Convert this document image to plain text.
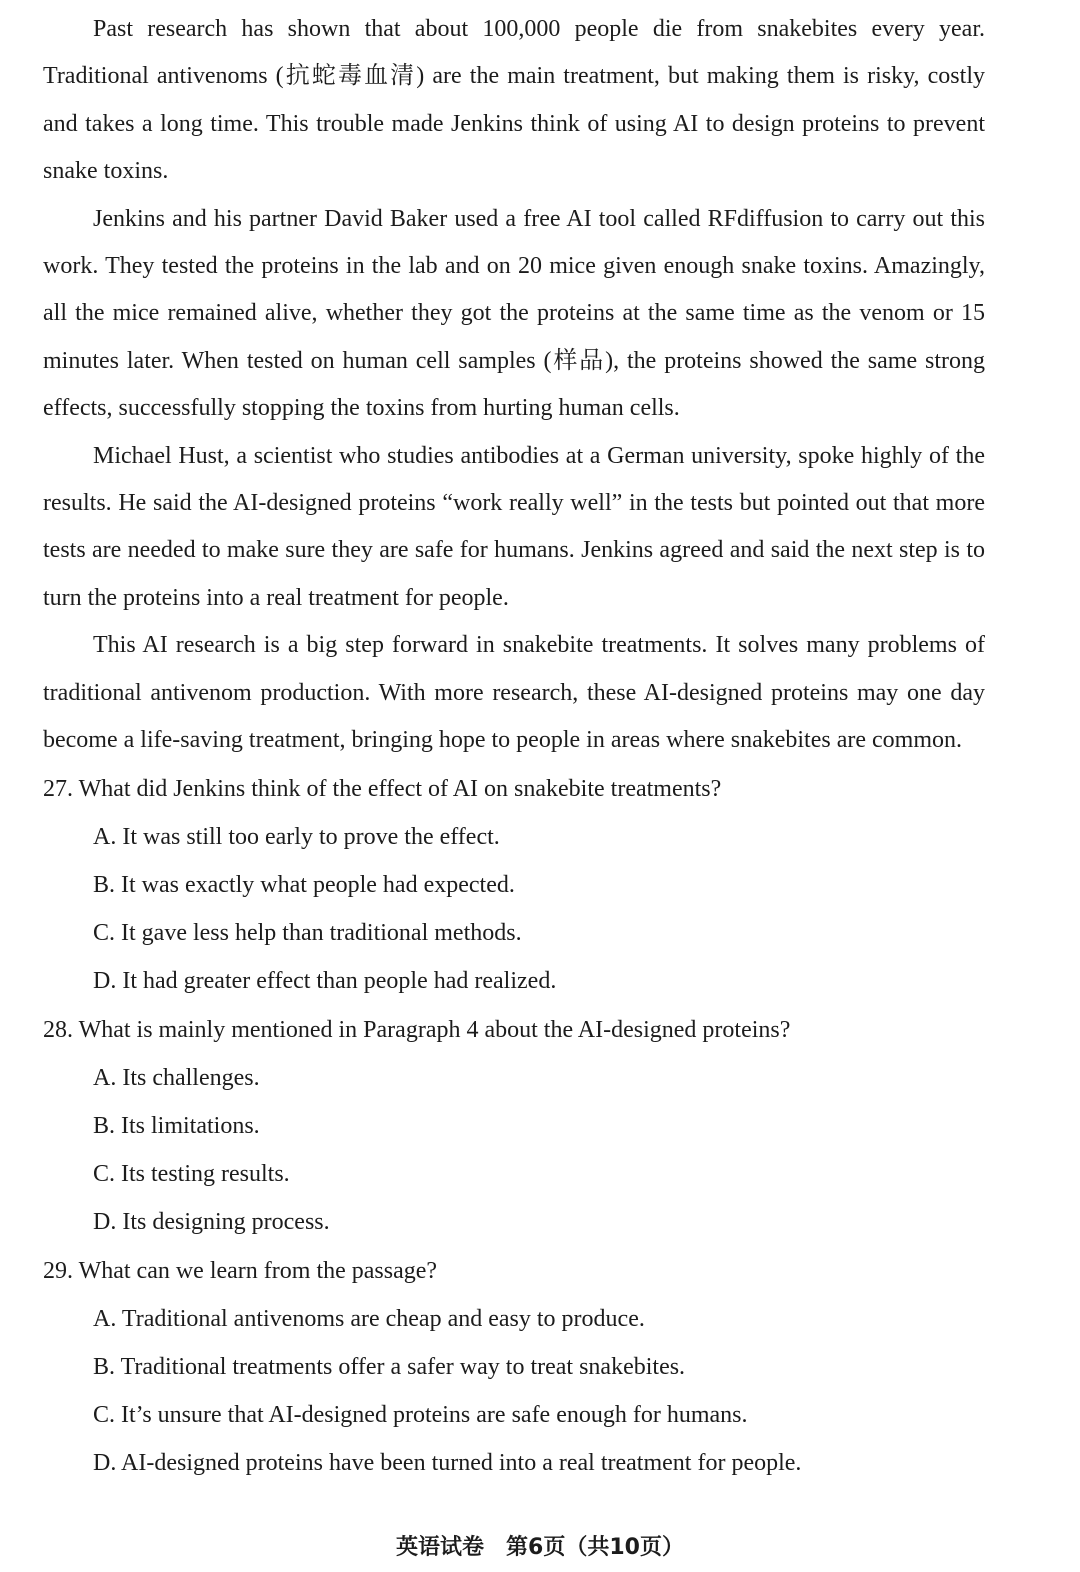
Past research has shown that about 100,000 people die from snakebites every year. Traditional antivenoms (抗蛇毒血清) are the main treatment, but making them is risky, costly and takes a long time. This trouble made Jenkins think of using AI to design proteins to prevent snake toxins.

Jenkins and his partner David Baker used a free AI tool called RFdiffusion to carry out this work. They tested the proteins in the lab and on 20 mice given enough snake toxins. Amazingly, all the mice remained alive, whether they got the proteins at the same time as the venom or 15 minutes later. When tested on human cell samples (样品), the proteins showed the same strong effects, successfully stopping the toxins from hurting human cells.

Michael Hust, a scientist who studies antibodies at a German university, spoke highly of the results. He said the AI-designed proteins “work really well” in the tests but pointed out that more tests are needed to make sure they are safe for humans. Jenkins agreed and said the next step is to turn the proteins into a real treatment for people.

This AI research is a big step forward in snakebite treatments. It solves many problems of traditional antivenom production. With more research, these AI-designed proteins may one day become a life-saving treatment, bringing hope to people in areas where snakebites are common.

27. What did Jenkins think of the effect of AI on snakebite treatments?

A. It was still too early to prove the effect.

B. It was exactly what people had expected.

C. It gave less help than traditional methods.

D. It had greater effect than people had realized.

28. What is mainly mentioned in Paragraph 4 about the AI-designed proteins?

A. Its challenges.

B. Its limitations.

C. Its testing results.

D. Its designing process.

29. What can we learn from the passage?

A. Traditional antivenoms are cheap and easy to produce.

B. Traditional treatments offer a safer way to treat snakebites.

C. It’s unsure that AI-designed proteins are safe enough for humans.

D. AI-designed proteins have been turned into a real treatment for people.

英语试卷　第6页（共10页）
